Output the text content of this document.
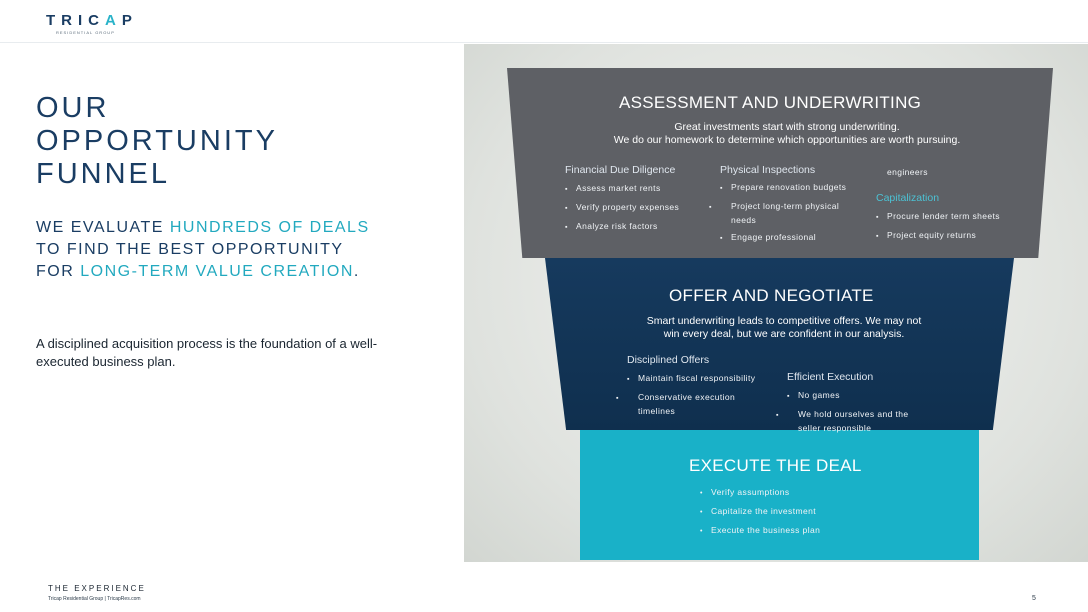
TRICAP
RESIDENTIAL GROUP
OUR
OPPORTUNITY
FUNNEL
WE EVALUATE HUNDREDS OF DEALS TO FIND THE BEST OPPORTUNITY FOR LONG-TERM VALUE CREATION.
A disciplined acquisition process is the foundation of a well-executed business plan.
THE EXPERIENCE
Tricap Residential Group | TricapRes.com	5
ASSESSMENT AND UNDERWRITING
Great investments start with strong underwriting.
We do our homework to determine which opportunities are worth pursuing.
Financial Due Diligence
▪ Assess market rents
▪ Verify property expenses
▪ Analyze risk factors
Physical Inspections
▪ Prepare renovation budgets
▪ Project long-term physical needs
▪ Engage professional
engineers
Capitalization
▪ Procure lender term sheets
▪ Project equity returns
OFFER AND NEGOTIATE
Smart underwriting leads to competitive offers. We may not
win every deal, but we are confident in our analysis.
Disciplined Offers
▪ Maintain fiscal responsibility
▪ Conservative execution timelines
Efficient Execution
▪ No games
▪ We hold ourselves and the seller responsible
EXECUTE THE DEAL
• Verify assumptions
• Capitalize the investment
• Execute the business plan
